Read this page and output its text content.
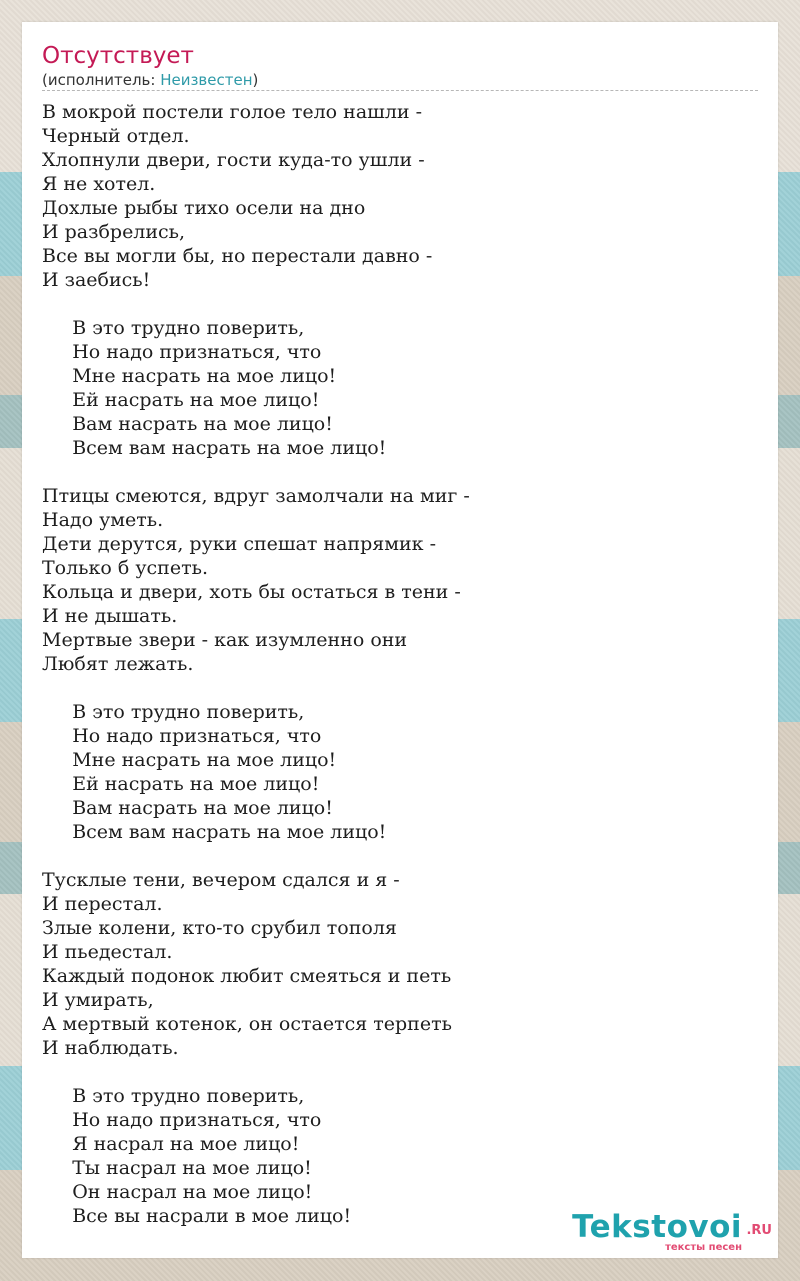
Отсутствует
(исполнитель: Неизвестен)
В мокрой постели голое тело нашли -
Черный отдел.
Хлопнули двери, гости куда-то ушли -
Я не хотел.
Дохлые рыбы тихо осели на дно
И разбрелись,
Все вы могли бы, но перестали давно -
И заебись!
В это трудно поверить,
Но надо признаться, что
Мне насрать на мое лицо!
Ей насрать на мое лицо!
Вам насрать на мое лицо!
Всем вам насрать на мое лицо!
Птицы смеются, вдруг замолчали на миг -
Надо уметь.
Дети дерутся, руки спешат напрямик -
Только б успеть.
Кольца и двери, хоть бы остаться в тени -
И не дышать.
Мертвые звери - как изумленно они
Любят лежать.
В это трудно поверить,
Но надо признаться, что
Мне насрать на мое лицо!
Ей насрать на мое лицо!
Вам насрать на мое лицо!
Всем вам насрать на мое лицо!
Тусклые тени, вечером сдался и я -
И перестал.
Злые колени, кто-то срубил тополя
И пьедестал.
Каждый подонок любит смеяться и петь
И умирать,
А мертвый котенок, он остается терпеть
И наблюдать.
В это трудно поверить,
Но надо признаться, что
Я насрал на мое лицо!
Ты насрал на мое лицо!
Он насрал на мое лицо!
Все вы насрали в мое лицо!	Tekstovoi .RU
тексты песен
